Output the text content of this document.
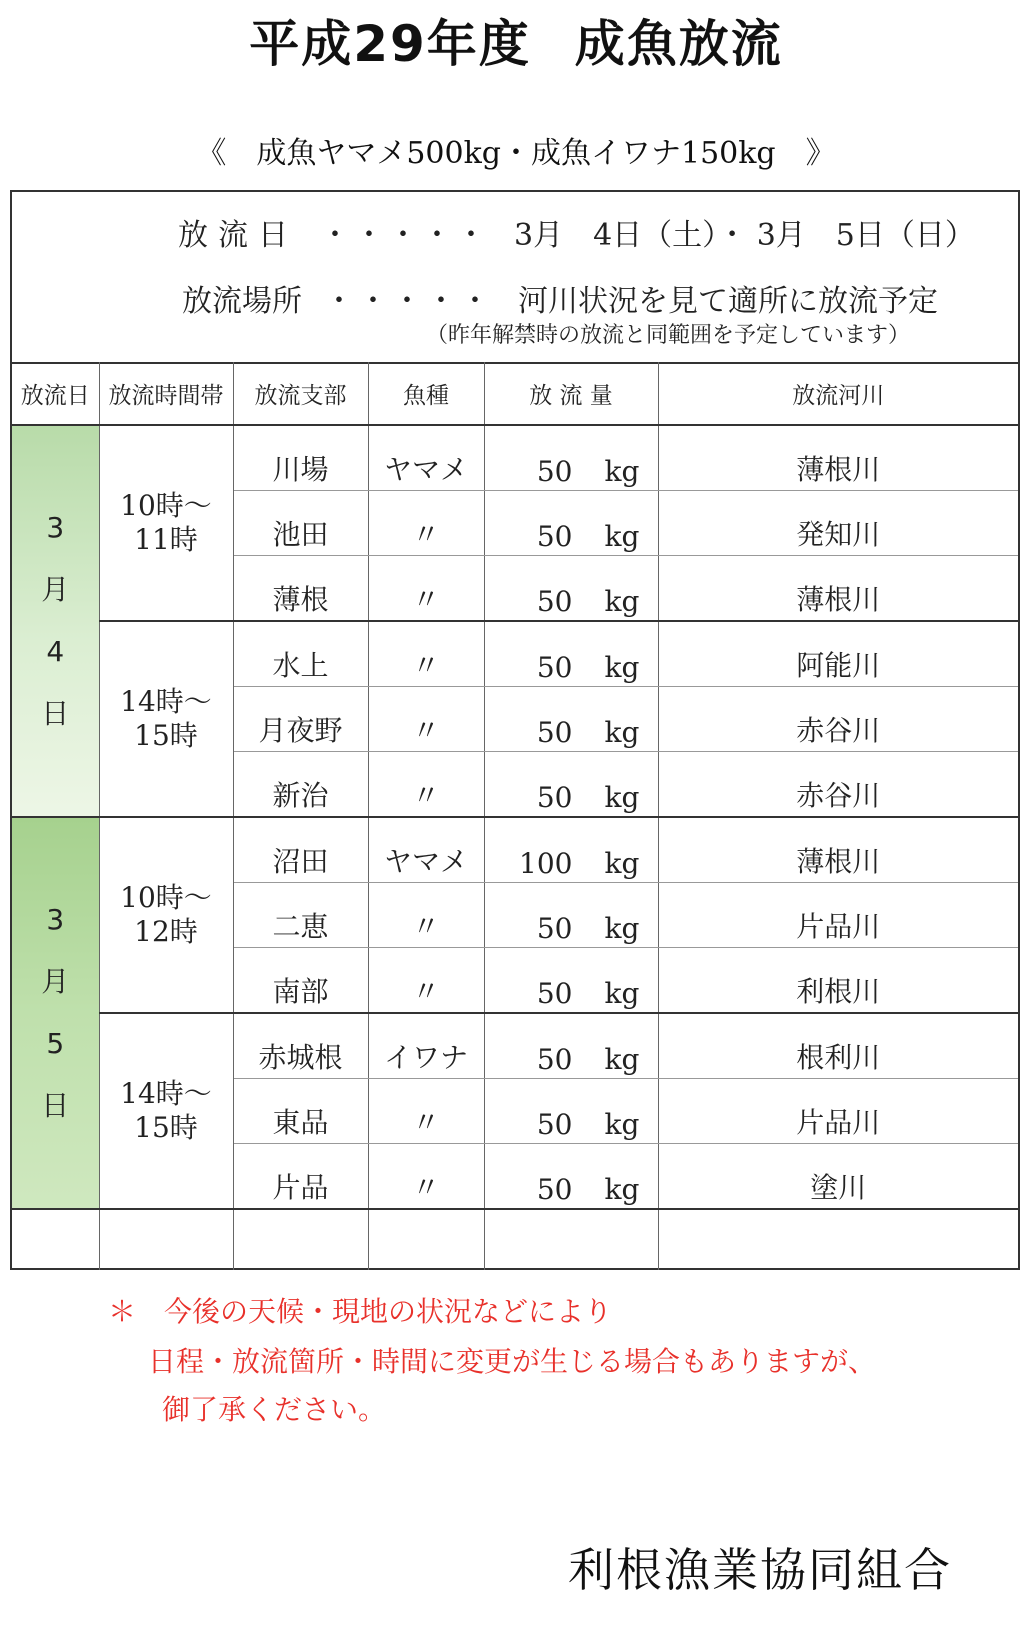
平成29年度 成魚放流
《 成魚ヤマメ500kg・成魚イワナ150kg 》
放流日 ・・・・・ 3月　4日（土）・ 3月　5日（日）
放流場所 ・・・・・ 河川状況を見て適所に放流予定
（昨年解禁時の放流と同範囲を予定しています）
放流日	放流時間帯	放流支部	魚種	放 流 量	放流河川

3
月
4
日	10時～
11時	川場	ヤマメ	50 kg	薄根川
		池田	〃	50 kg	発知川
		薄根	〃	50 kg	薄根川

	14時～
15時	水上	〃	50 kg	阿能川
		月夜野	〃	50 kg	赤谷川
		新治	〃	50 kg	赤谷川

3
月
5
日	10時～
12時	沼田	ヤマメ	100 kg	薄根川
		二恵	〃	50 kg	片品川
		南部	〃	50 kg	利根川

	14時～
15時	赤城根	イワナ	50 kg	根利川
		東品	〃	50 kg	片品川
		片品	〃	50 kg	塗川

＊　今後の天候・現地の状況などにより
日程・放流箇所・時間に変更が生じる場合もありますが、
御了承ください。
利根漁業協同組合
